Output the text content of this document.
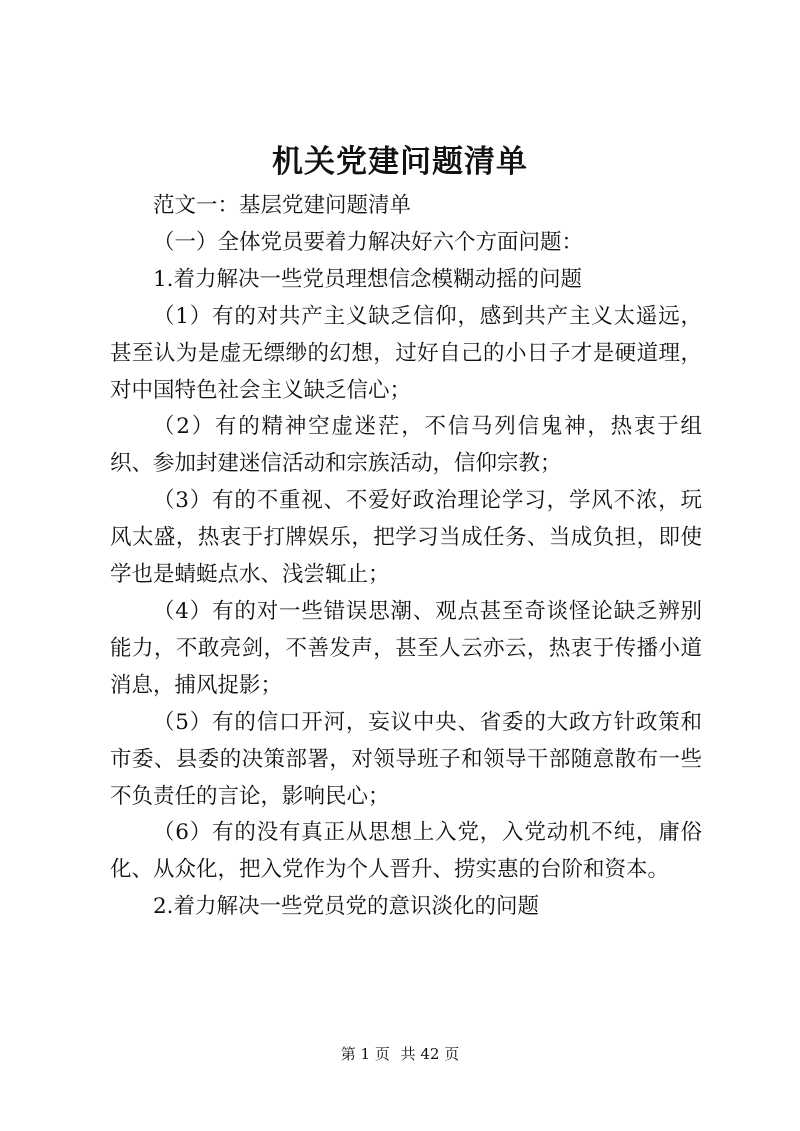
机关党建问题清单

范文一：基层党建问题清单

（一）全体党员要着力解决好六个方面问题：

1.着力解决一些党员理想信念模糊动摇的问题

（1）有的对共产主义缺乏信仰，感到共产主义太遥远，甚至认为是虚无缥缈的幻想，过好自己的小日子才是硬道理，对中国特色社会主义缺乏信心；

（2）有的精神空虚迷茫，不信马列信鬼神，热衷于组织、参加封建迷信活动和宗族活动，信仰宗教；

（3）有的不重视、不爱好政治理论学习，学风不浓，玩风太盛，热衷于打牌娱乐，把学习当成任务、当成负担，即使学也是蜻蜓点水、浅尝辄止；

（4）有的对一些错误思潮、观点甚至奇谈怪论缺乏辨别能力，不敢亮剑，不善发声，甚至人云亦云，热衷于传播小道消息，捕风捉影；

（5）有的信口开河，妄议中央、省委的大政方针政策和市委、县委的决策部署，对领导班子和领导干部随意散布一些不负责任的言论，影响民心；

（6）有的没有真正从思想上入党，入党动机不纯，庸俗化、从众化，把入党作为个人晋升、捞实惠的台阶和资本。

2.着力解决一些党员党的意识淡化的问题

第 1 页 共 42 页
